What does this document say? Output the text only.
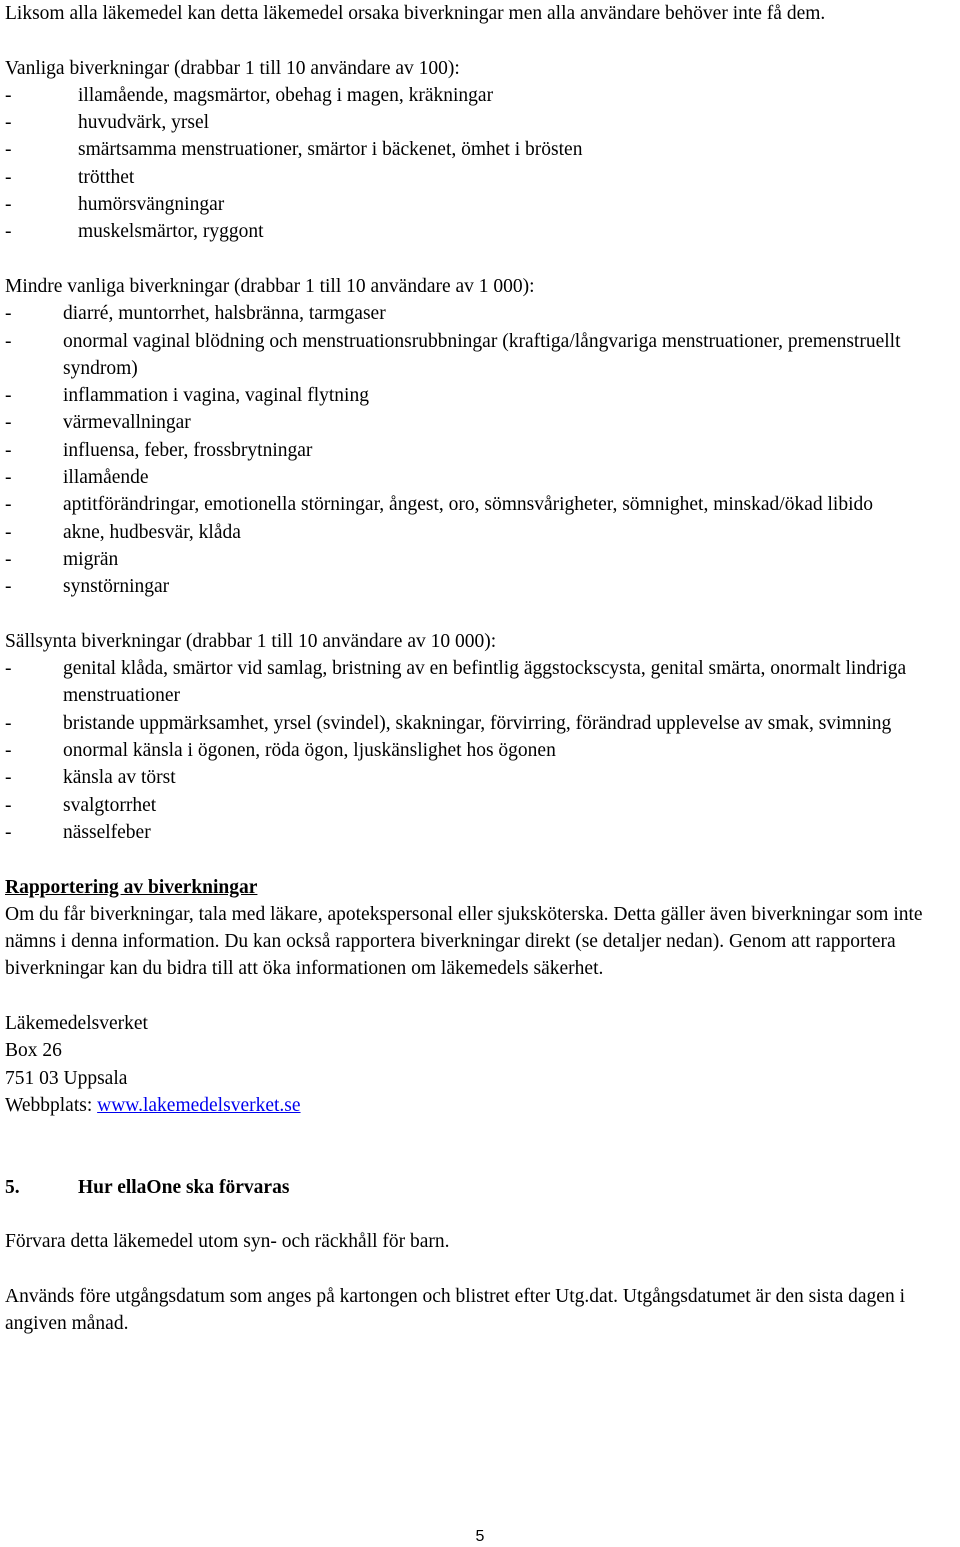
Liksom alla läkemedel kan detta läkemedel orsaka biverkningar men alla användare behöver inte få dem.

Vanliga biverkningar (drabbar 1 till 10 användare av 100):

-	illamående, magsmärtor, obehag i magen, kräkningar
-	huvudvärk, yrsel
-	smärtsamma menstruationer, smärtor i bäckenet, ömhet i brösten
-	trötthet
-	humörsvängningar
-	muskelsmärtor, ryggont

Mindre vanliga biverkningar (drabbar 1 till 10 användare av 1 000):

-	diarré, muntorrhet, halsbränna, tarmgaser
-	onormal vaginal blödning och menstruationsrubbningar (kraftiga/långvariga menstruationer, premenstruellt syndrom)
-	inflammation i vagina, vaginal flytning
-	värmevallningar
-	influensa, feber, frossbrytningar
-	illamående
-	aptitförändringar, emotionella störningar, ångest, oro, sömnsvårigheter, sömnighet, minskad/ökad libido
-	akne, hudbesvär, klåda
-	migrän
-	synstörningar

Sällsynta biverkningar (drabbar 1 till 10 användare av 10 000):

-	genital klåda, smärtor vid samlag, bristning av en befintlig äggstockscysta, genital smärta, onormalt lindriga menstruationer
-	bristande uppmärksamhet, yrsel (svindel), skakningar, förvirring, förändrad upplevelse av smak, svimning
-	onormal känsla i ögonen, röda ögon, ljuskänslighet hos ögonen
-	känsla av törst
-	svalgtorrhet
-	nässelfeber

Rapportering av biverkningar

Om du får biverkningar, tala med läkare, apotekspersonal eller sjuksköterska. Detta gäller även biverkningar som inte nämns i denna information. Du kan också rapportera biverkningar direkt (se detaljer nedan). Genom att rapportera biverkningar kan du bidra till att öka informationen om läkemedels säkerhet.

Läkemedelsverket

Box 26

751 03 Uppsala

Webbplats: www.lakemedelsverket.se

5.	Hur ellaOne ska förvaras

Förvara detta läkemedel utom syn- och räckhåll för barn.

Används före utgångsdatum som anges på kartongen och blistret efter Utg.dat. Utgångsdatumet är den sista dagen i angiven månad.

5
